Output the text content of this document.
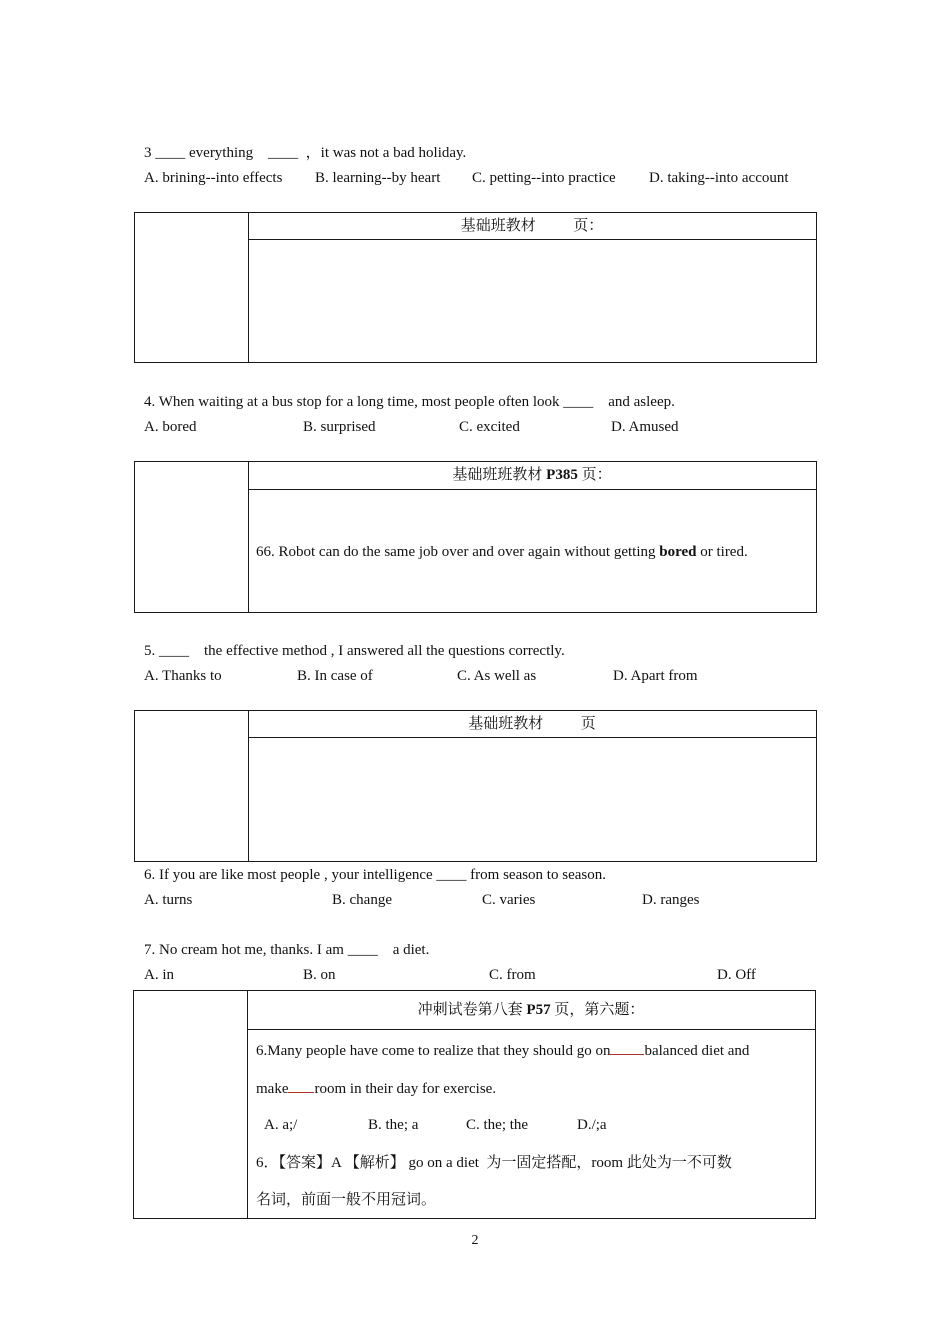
3 ____ everything    ____  ，it was not a bad holiday.
A. brining--into effects B. learning--by heart C. petting--into practice D. taking--into account
基础班教材          页：
4. When waiting at a bus stop for a long time, most people often look ____    and asleep.
A. bored	B. surprised	C. excited	D. Amused
基础班班教材 P385 页：
66. Robot can do the same job over and over again without getting bored or tired.
5. ____    the effective method , I answered all the questions correctly.
A. Thanks to	B. In case of	C. As well as	D. Apart from
基础班教材          页
6. If you are like most people , your intelligence ____ from season to season.
A. turns	B. change	C. varies	D. ranges
7. No cream hot me, thanks. I am ____    a diet.
A. in	B. on	C. from	D. Off
冲刺试卷第八套 P57 页，第六题：
6.Many people have come to realize that they should go on balanced diet and
make room in their day for exercise.
A. a;/	B. the; a	C. the; the	D./;a
6．【答案】A 【解析】 go on a diet  为一固定搭配，room 此处为一不可数
名词，前面一般不用冠词。
2
